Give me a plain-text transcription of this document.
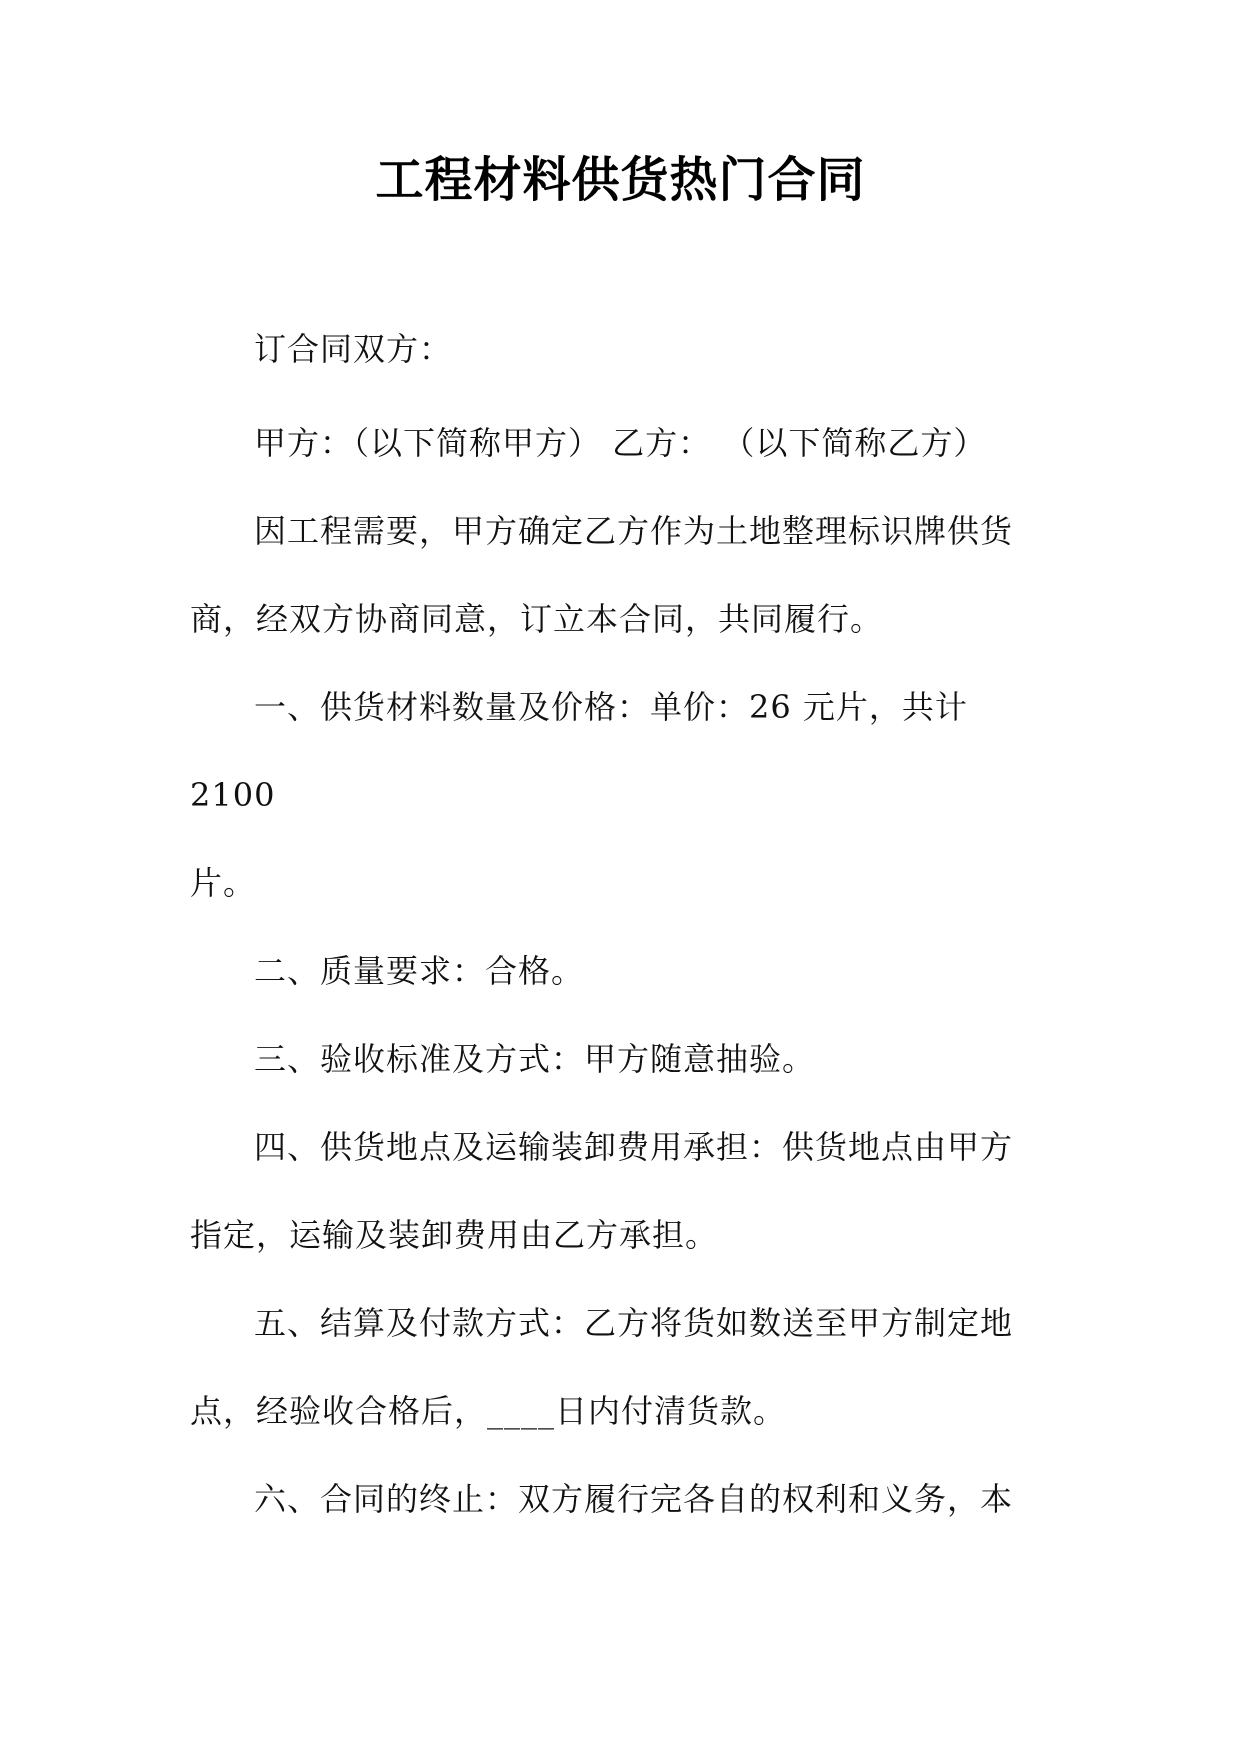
工程材料供货热门合同
订合同双方：
甲方：（以下简称甲方） 乙方： （以下简称乙方）
因工程需要，甲方确定乙方作为土地整理标识牌供货
商，经双方协商同意，订立本合同，共同履行。
一、供货材料数量及价格：单价：26 元片，共计 2100
片。
二、质量要求：合格。
三、验收标准及方式：甲方随意抽验。
四、供货地点及运输装卸费用承担：供货地点由甲方
指定，运输及装卸费用由乙方承担。
五、结算及付款方式：乙方将货如数送至甲方制定地
点，经验收合格后，____日内付清货款。
六、合同的终止：双方履行完各自的权利和义务，本
